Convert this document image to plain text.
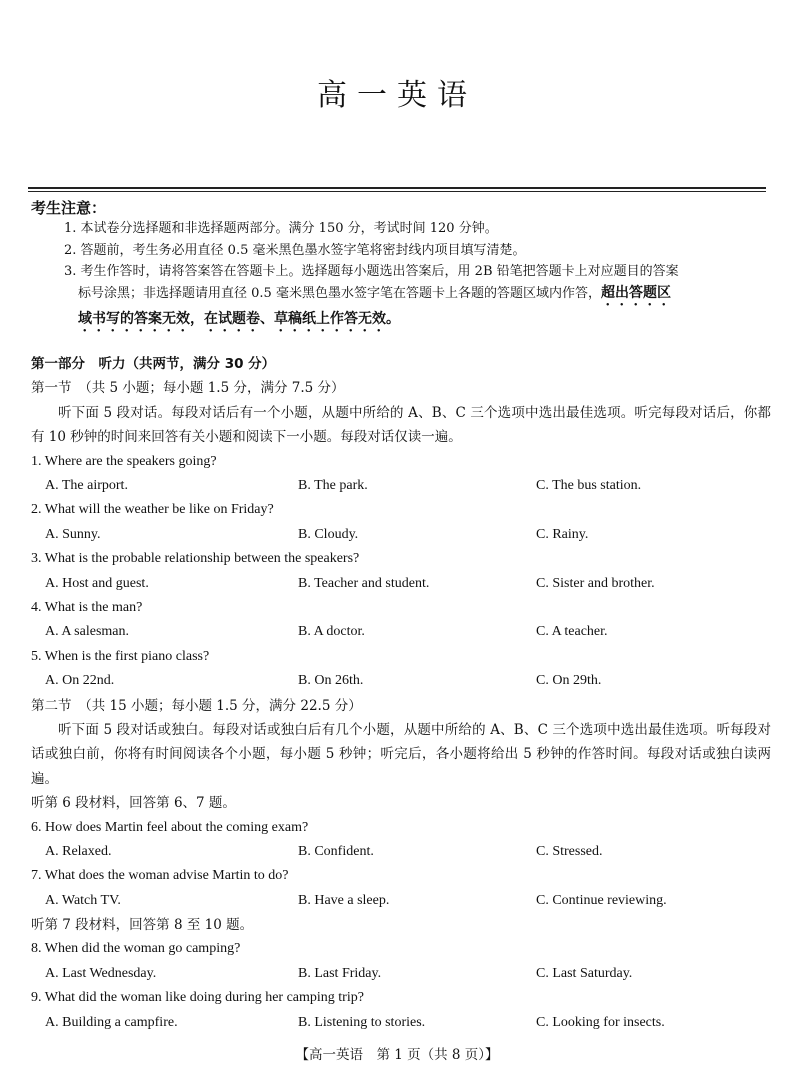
高一英语
考生注意：
1. 本试卷分选择题和非选择题两部分。满分 150 分，考试时间 120 分钟。
2. 答题前，考生务必用直径 0.5 毫米黑色墨水签字笔将密封线内项目填写清楚。
3. 考生作答时，请将答案答在答题卡上。选择题每小题选出答案后，用 2B 铅笔把答题卡上对应题目的答案
标号涂黑；非选择题请用直径 0.5 毫米黑色墨水签字笔在答题卡上各题的答题区域内作答，超出答题区
域书写的答案无效，在试题卷、草稿纸上作答无效。
第一部分　听力（共两节，满分 30 分）
第一节　（共 5 小题；每小题 1.5 分，满分 7.5 分）
听下面 5 段对话。每段对话后有一个小题，从题中所给的 A、B、C 三个选项中选出最佳选项。听完每段对话后，你都有 10 秒钟的时间来回答有关小题和阅读下一小题。每段对话仅读一遍。
1. Where are the speakers going?
A. The airport.	B. The park.	C. The bus station.
2. What will the weather be like on Friday?
A. Sunny.	B. Cloudy.	C. Rainy.
3. What is the probable relationship between the speakers?
A. Host and guest.	B. Teacher and student.	C. Sister and brother.
4. What is the man?
A. A salesman.	B. A doctor.	C. A teacher.
5. When is the first piano class?
A. On 22nd.	B. On 26th.	C. On 29th.
第二节　（共 15 小题；每小题 1.5 分，满分 22.5 分）
听下面 5 段对话或独白。每段对话或独白后有几个小题，从题中所给的 A、B、C 三个选项中选出最佳选项。听每段对话或独白前，你将有时间阅读各个小题，每小题 5 秒钟；听完后，各小题将给出 5 秒钟的作答时间。每段对话或独白读两遍。
听第 6 段材料，回答第 6、7 题。
6. How does Martin feel about the coming exam?
A. Relaxed.	B. Confident.	C. Stressed.
7. What does the woman advise Martin to do?
A. Watch TV.	B. Have a sleep.	C. Continue reviewing.
听第 7 段材料，回答第 8 至 10 题。
8. When did the woman go camping?
A. Last Wednesday.	B. Last Friday.	C. Last Saturday.
9. What did the woman like doing during her camping trip?
A. Building a campfire.	B. Listening to stories.	C. Looking for insects.
【高一英语　第 1 页（共 8 页）】
